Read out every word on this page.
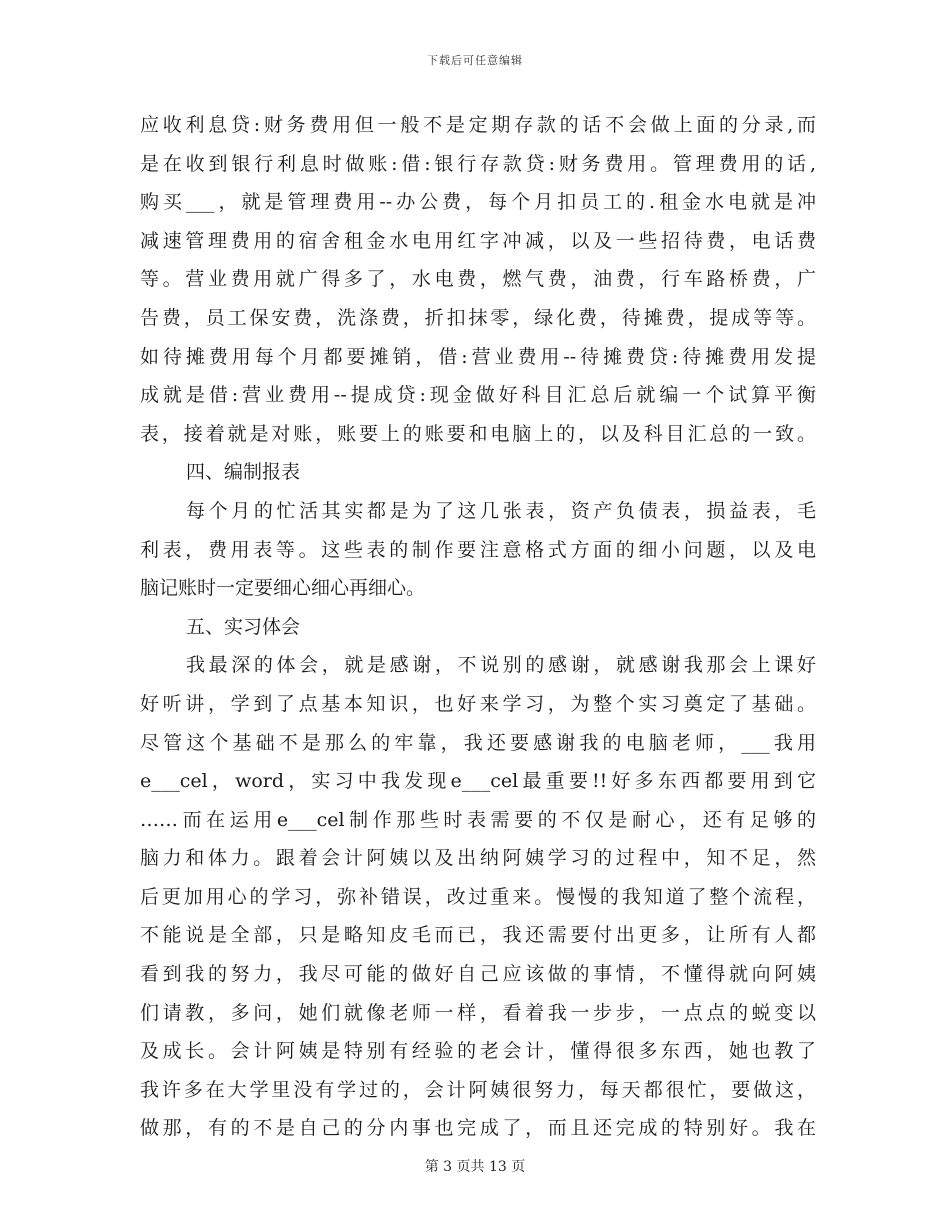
下载后可任意编辑
应收利息贷:财务费用但一般不是定期存款的话不会做上面的分录,而
是在收到银行利息时做账:借:银行存款贷:财务费用。管理费用的话,
购买___，就是管理费用--办公费，每个月扣员工的.租金水电就是冲
减速管理费用的宿舍租金水电用红字冲减，以及一些招待费，电话费
等。营业费用就广得多了，水电费，燃气费，油费，行车路桥费，广
告费，员工保安费，洗涤费，折扣抹零，绿化费，待摊费，提成等等。
如待摊费用每个月都要摊销，借:营业费用--待摊费贷:待摊费用发提
成就是借:营业费用--提成贷:现金做好科目汇总后就编一个试算平衡
表，接着就是对账，账要上的账要和电脑上的，以及科目汇总的一致。
四、编制报表
每个月的忙活其实都是为了这几张表，资产负债表，损益表，毛
利表，费用表等。这些表的制作要注意格式方面的细小问题，以及电
脑记账时一定要细心细心再细心。
五、实习体会
我最深的体会，就是感谢，不说别的感谢，就感谢我那会上课好
好听讲，学到了点基本知识，也好来学习，为整个实习奠定了基础。
尽管这个基础不是那么的牢靠，我还要感谢我的电脑老师，___我用
e___cel，word，实习中我发现e___cel最重要!!好多东西都要用到它
……而在运用e___cel制作那些时表需要的不仅是耐心，还有足够的
脑力和体力。跟着会计阿姨以及出纳阿姨学习的过程中，知不足，然
后更加用心的学习，弥补错误，改过重来。慢慢的我知道了整个流程，
不能说是全部，只是略知皮毛而已，我还需要付出更多，让所有人都
看到我的努力，我尽可能的做好自己应该做的事情，不懂得就向阿姨
们请教，多问，她们就像老师一样，看着我一步步，一点点的蜕变以
及成长。会计阿姨是特别有经验的老会计，懂得很多东西，她也教了
我许多在大学里没有学过的，会计阿姨很努力，每天都很忙，要做这，
做那，有的不是自己的分内事也完成了，而且还完成的特别好。我在
第 3 页共 13 页
